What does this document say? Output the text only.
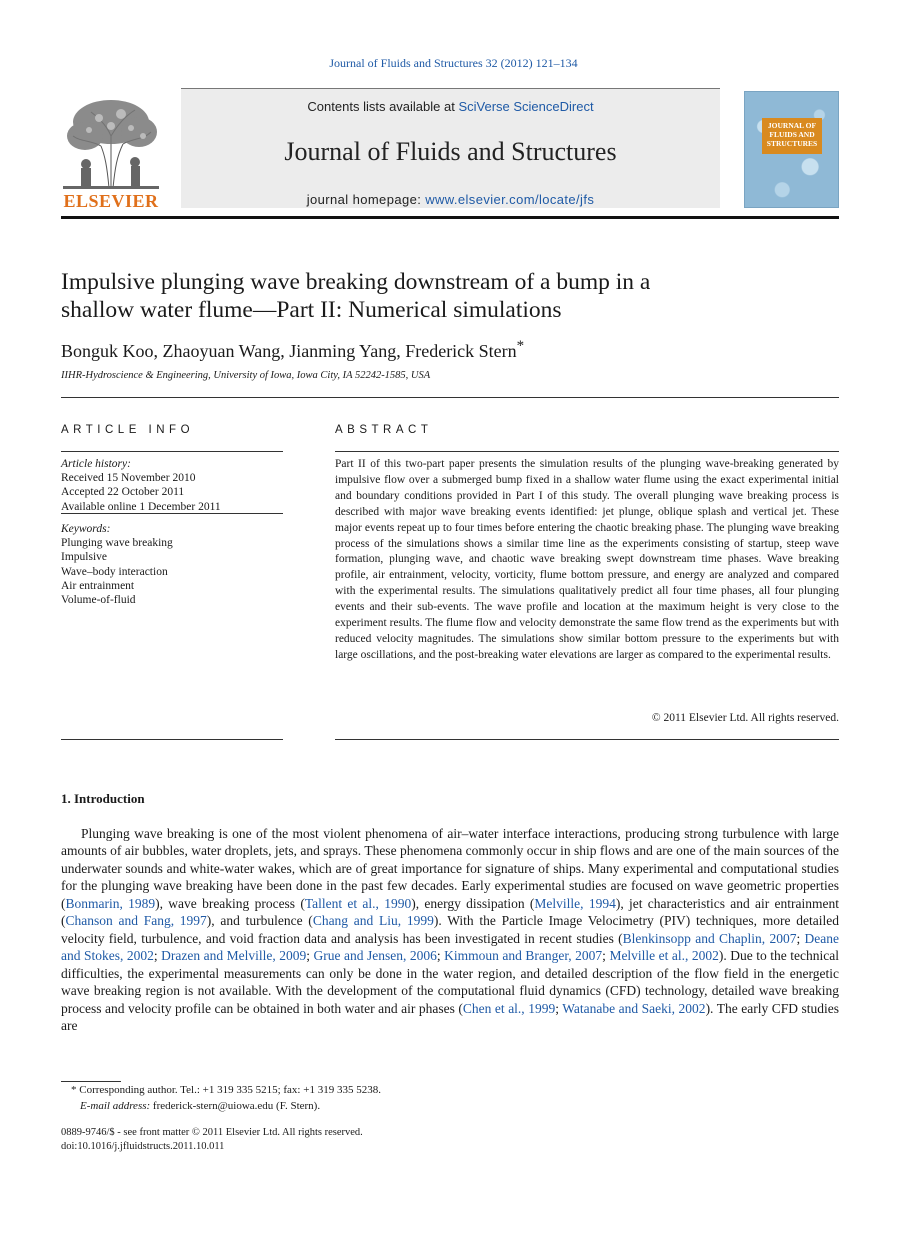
Journal of Fluids and Structures 32 (2012) 121–134
ELSEVIER
Contents lists available at SciVerse ScienceDirect
Journal of Fluids and Structures
journal homepage: www.elsevier.com/locate/jfs
JOURNAL OF FLUIDS AND STRUCTURES
Impulsive plunging wave breaking downstream of a bump in a
shallow water flume—Part II: Numerical simulations
Bonguk Koo, Zhaoyuan Wang, Jianming Yang, Frederick Stern*
IIHR-Hydroscience & Engineering, University of Iowa, Iowa City, IA 52242-1585, USA
ARTICLE INFO	ABSTRACT
Article history:
Received 15 November 2010
Accepted 22 October 2011
Available online 1 December 2011
Keywords:
Plunging wave breaking
Impulsive
Wave–body interaction
Air entrainment
Volume-of-fluid
Part II of this two-part paper presents the simulation results of the plunging wave-breaking generated by impulsive flow over a submerged bump fixed in a shallow water flume using the exact experimental initial and boundary conditions provided in Part I of this study. The overall plunging wave breaking process is described with major wave breaking events identified: jet plunge, oblique splash and vertical jet. These major events repeat up to four times before entering the chaotic breaking phase. The plunging wave breaking process of the simulations shows a similar time line as the experiments consisting of startup, steep wave formation, plunging wave, and chaotic wave breaking swept downstream time phases. Wave breaking profile, air entrainment, velocity, vorticity, flume bottom pressure, and energy are analyzed and compared with the experimental results. The simulations qualitatively predict all four time phases, all four plunging events and their sub-events. The wave profile and location at the maximum height is very close to the experiment results. The flume flow and velocity demonstrate the same flow trend as the experiments but with reduced velocity magnitudes. The simulations show similar bottom pressure to the experiments but with large oscillations, and the post-breaking water elevations are larger as compared to the experimental results.
© 2011 Elsevier Ltd. All rights reserved.
1. Introduction
Plunging wave breaking is one of the most violent phenomena of air–water interface interactions, producing strong turbulence with large amounts of air bubbles, water droplets, jets, and sprays. These phenomena commonly occur in ship flows and are one of the main sources of the underwater sounds and white-water wakes, which are of great importance for signature of ships. Many experimental and computational studies for the plunging wave breaking have been done in the past few decades. Early experimental studies are focused on wave geometric properties (Bonmarin, 1989), wave breaking process (Tallent et al., 1990), energy dissipation (Melville, 1994), jet characteristics and air entrainment (Chanson and Fang, 1997), and turbulence (Chang and Liu, 1999). With the Particle Image Velocimetry (PIV) techniques, more detailed velocity field, turbulence, and void fraction data and analysis has been investigated in recent studies (Blenkinsopp and Chaplin, 2007; Deane and Stokes, 2002; Drazen and Melville, 2009; Grue and Jensen, 2006; Kimmoun and Branger, 2007; Melville et al., 2002). Due to the technical difficulties, the experimental measurements can only be done in the water region, and detailed description of the flow field in the energetic wave breaking region is not available. With the development of the computational fluid dynamics (CFD) technology, detailed wave breaking process and velocity profile can be obtained in both water and air phases (Chen et al., 1999; Watanabe and Saeki, 2002). The early CFD studies are
* Corresponding author. Tel.: +1 319 335 5215; fax: +1 319 335 5238.
E-mail address: frederick-stern@uiowa.edu (F. Stern).
0889-9746/$ - see front matter © 2011 Elsevier Ltd. All rights reserved.
doi:10.1016/j.jfluidstructs.2011.10.011
